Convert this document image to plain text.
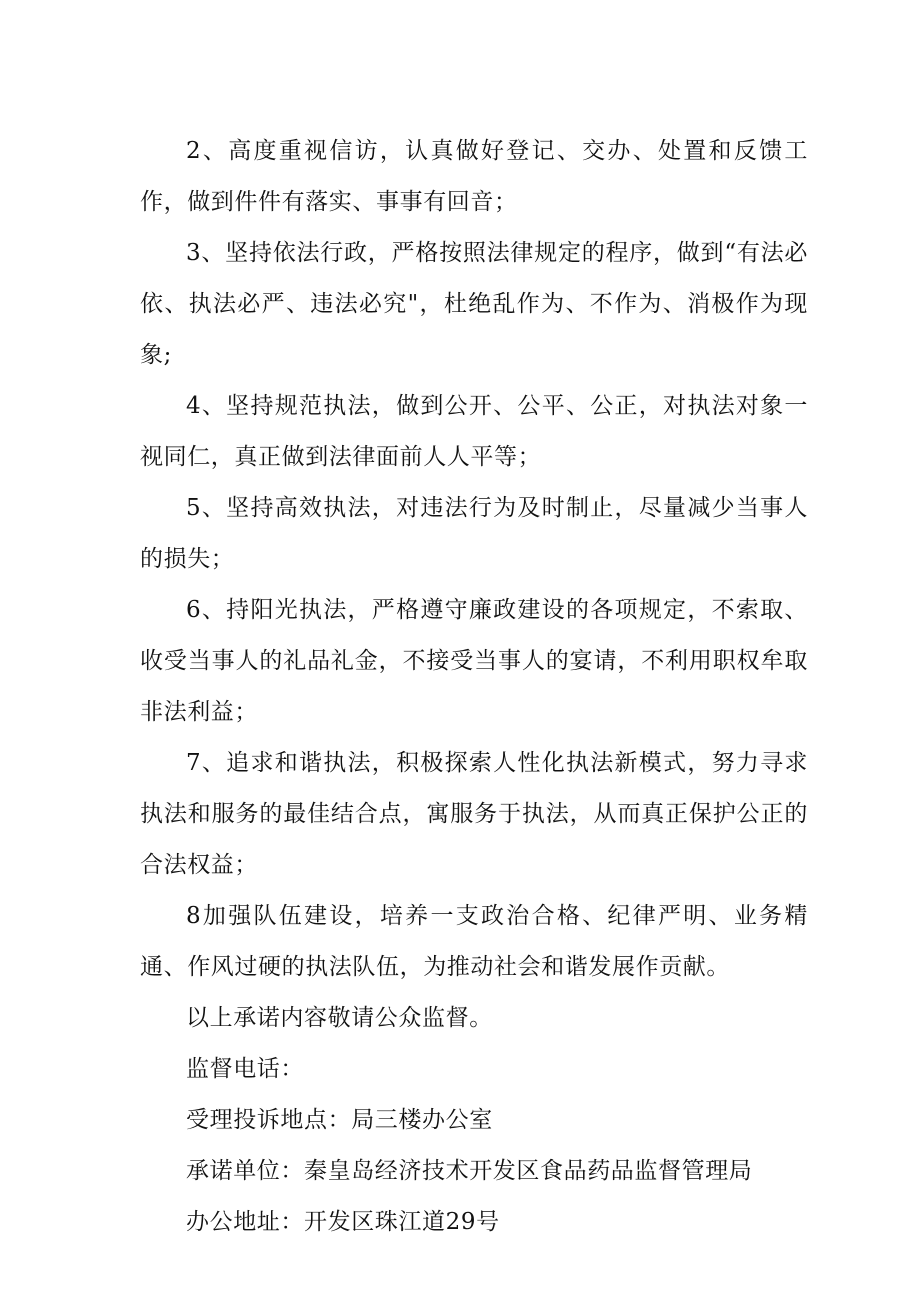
2、高度重视信访，认真做好登记、交办、处置和反馈工作，做到件件有落实、事事有回音；

3、坚持依法行政，严格按照法律规定的程序，做到“有法必依、执法必严、违法必究"，杜绝乱作为、不作为、消极作为现象;

4、坚持规范执法，做到公开、公平、公正，对执法对象一视同仁，真正做到法律面前人人平等；

5、坚持高效执法，对违法行为及时制止，尽量减少当事人的损失；

6、持阳光执法，严格遵守廉政建设的各项规定，不索取、收受当事人的礼品礼金，不接受当事人的宴请，不利用职权牟取非法利益；

7、追求和谐执法，积极探索人性化执法新模式，努力寻求执法和服务的最佳结合点，寓服务于执法，从而真正保护公正的合法权益；

8加强队伍建设，培养一支政治合格、纪律严明、业务精通、作风过硬的执法队伍，为推动社会和谐发展作贡献。

以上承诺内容敬请公众监督。

监督电话：

受理投诉地点：局三楼办公室

承诺单位：秦皇岛经济技术开发区食品药品监督管理局

办公地址：开发区珠江道29号
